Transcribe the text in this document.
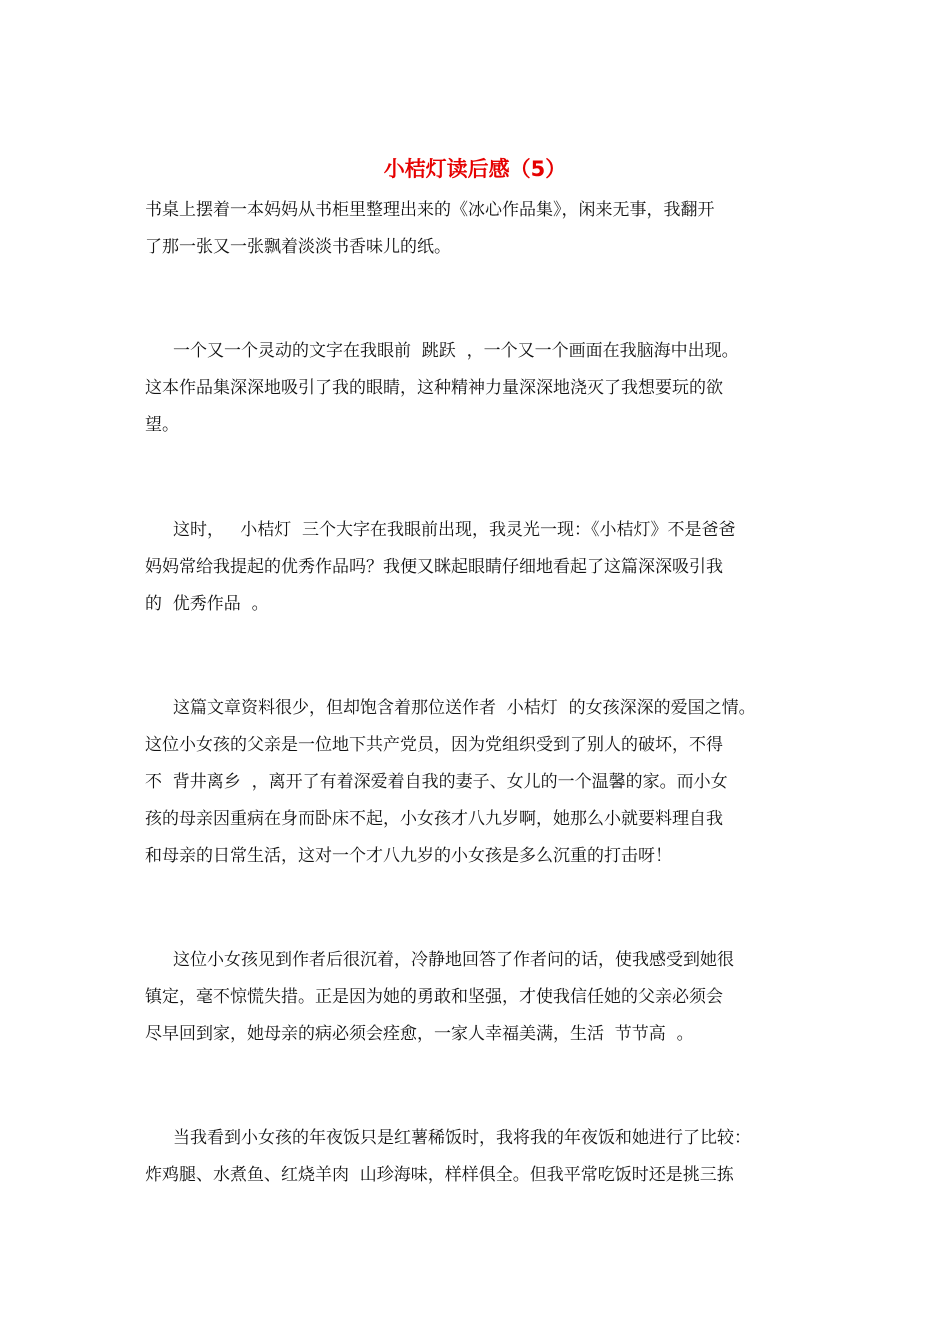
小桔灯读后感（5）

书桌上摆着一本妈妈从书柜里整理出来的《冰心作品集》，闲来无事，我翻开

了那一张又一张飘着淡淡书香味儿的纸。

一个又一个灵动的文字在我眼前  跳跃  ，一个又一个画面在我脑海中出现。

这本作品集深深地吸引了我的眼睛，这种精神力量深深地浇灭了我想要玩的欲

望。

这时，   小桔灯  三个大字在我眼前出现，我灵光一现：《小桔灯》不是爸爸

妈妈常给我提起的优秀作品吗？我便又眯起眼睛仔细地看起了这篇深深吸引我

的  优秀作品  。

这篇文章资料很少，但却饱含着那位送作者  小桔灯  的女孩深深的爱国之情。

这位小女孩的父亲是一位地下共产党员，因为党组织受到了别人的破坏，不得

不  背井离乡  ，离开了有着深爱着自我的妻子、女儿的一个温馨的家。而小女

孩的母亲因重病在身而卧床不起，小女孩才八九岁啊，她那么小就要料理自我

和母亲的日常生活，这对一个才八九岁的小女孩是多么沉重的打击呀！

这位小女孩见到作者后很沉着，冷静地回答了作者问的话，使我感受到她很

镇定，毫不惊慌失措。正是因为她的勇敢和坚强，才使我信任她的父亲必须会

尽早回到家，她母亲的病必须会痊愈，一家人幸福美满，生活  节节高  。

当我看到小女孩的年夜饭只是红薯稀饭时，我将我的年夜饭和她进行了比较：

炸鸡腿、水煮鱼、红烧羊肉  山珍海味，样样俱全。但我平常吃饭时还是挑三拣
